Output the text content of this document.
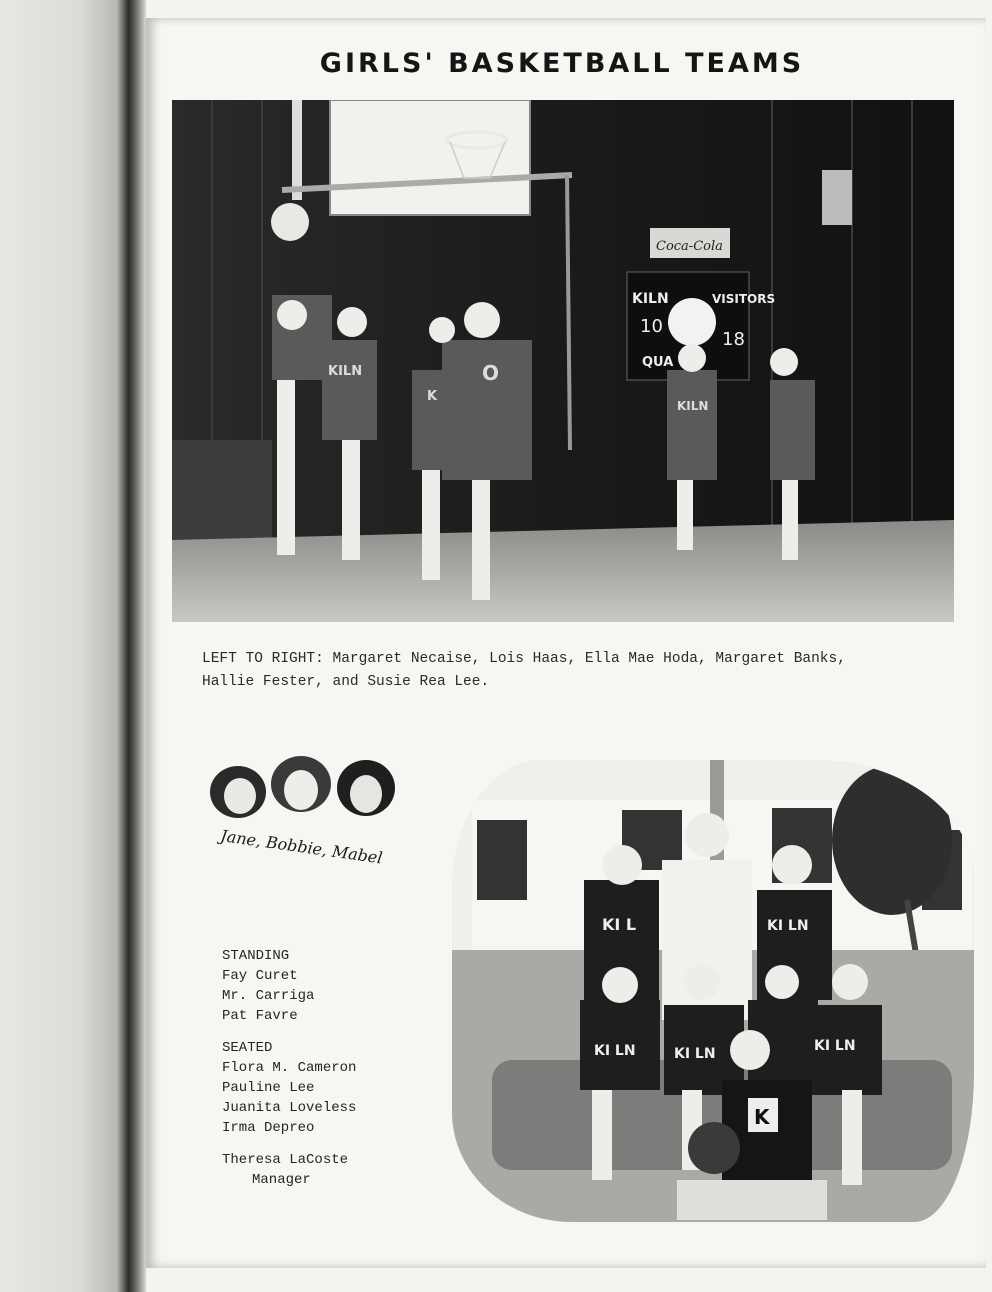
GIRLS' BASKETBALL TEAMS
Coca-Cola
KILN	VISITORS
10
18
QUA
KILN	O
K
KILN
LEFT TO RIGHT: Margaret Necaise, Lois Haas, Ella Mae Hoda, Margaret Banks,
Hallie Fester, and Susie Rea Lee.
Jane, Bobbie, Mabel
STANDING
Fay Curet
Mr. Carriga
Pat Favre
SEATED
Flora M. Cameron
Pauline Lee
Juanita Loveless
Irma Depreo
Theresa LaCoste
Manager
KI L	KI LN
KI LN	KI LN	KI LN
K
